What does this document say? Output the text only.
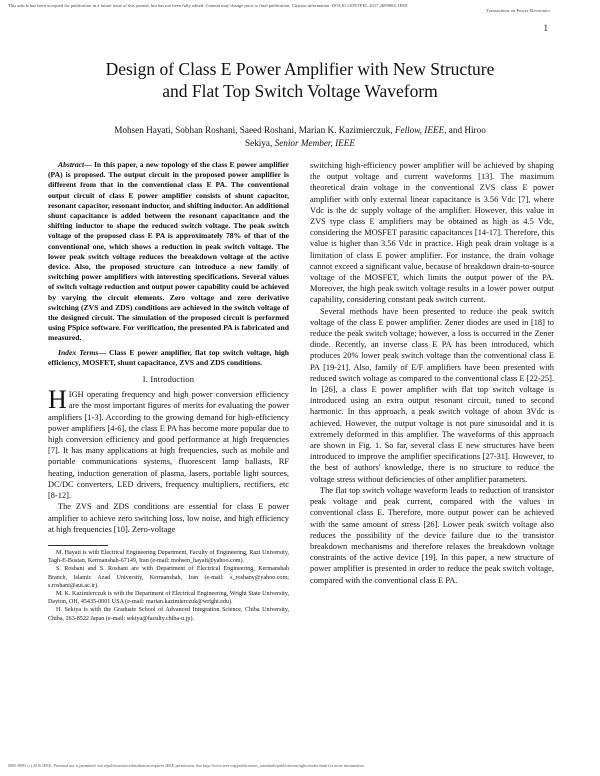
This article has been accepted for publication in a future issue of this journal, but has not been fully edited. Content may change prior to final publication. Citation information: DOI 10.1109/TPEL.2017.2699804, IEEE
Transactions on Power Electronics
1
Design of Class E Power Amplifier with New Structure
and Flat Top Switch Voltage Waveform
Mohsen Hayati, Sobhan Roshani, Saeed Roshani, Marian K. Kazimierczuk, Fellow, IEEE, and Hiroo
Sekiya, Senior Member, IEEE

Abstract— In this paper, a new topology of the class E power amplifier (PA) is proposed. The output circuit in the proposed power amplifier is different from that in the conventional class E PA. The conventional output circuit of class E power amplifier consists of shunt capacitor, resonant capacitor, resonant inductor, and shifting inductor. An additional shunt capacitance is added between the resonant capacitance and the shifting inductor to shape the reduced switch voltage. The peak switch voltage of the proposed class E PA is approximately 78% of that of the conventional one, which shows a reduction in peak switch voltage. The lower peak switch voltage reduces the breakdown voltage of the active device. Also, the proposed structure can introduce a new family of switching power amplifiers with interesting specifications. Several values of switch voltage reduction and output power capability could be achieved by varying the circuit elements. Zero voltage and zero derivative switching (ZVS and ZDS) conditions are achieved in the switch voltage of the designed circuit. The simulation of the proposed circuit is performed using PSpice software. For verification, the presented PA is fabricated and measured.

Index Terms— Class E power amplifier, flat top switch voltage, high efficiency, MOSFET, shunt capacitance, ZVS and ZDS conditions.

I. Introduction

HIGH operating frequency and high power conversion efficiency are the most important figures of merits for evaluating the power amplifiers [1-3]. According to the growing demand for high-efficiency power amplifiers [4-6], the class E PA has become more popular due to high conversion efficiency and good performance at high frequencies [7]. It has many applications at high frequencies, such as mobile and portable communications systems, fluorescent lamp ballasts, RF heating, induction generation of plasma, lasers, portable light sources, DC/DC converters, LED drivers, frequency multipliers, rectifiers, etc [8-12].

The ZVS and ZDS conditions are essential for class E power amplifier to achieve zero switching loss, low noise, and high efficiency at high frequencies [10]. Zero-voltage

M. Hayati is with Electrical Engineering Department, Faculty of Engineering, Razi University, Tagh-E-Bostan, Kermanshah-67149, Iran (e-mail: mohsen_hayati@yahoo.com).

S. Roshani and S. Roshani are with Department of Electrical Engineering, Kermanshah Branch, Islamic Azad University, Kermanshah, Iran (e-mail: s_roshany@yahoo.com; s.roshani@aut.ac.ir).

M. K. Kazimierczuk is with the Department of Electrical Engineering, Wright State University, Dayton, OH, 45435-0001 USA (e-mail: marian.kazimierczuk@wright.edu).

H. Sekiya is with the Graduate School of Advanced Integration Science, Chiba University, Chiba, 263-8522 Japan (e-mail: sekiya@faculty.chiba-u.jp).

switching high-efficiency power amplifier will be achieved by shaping the output voltage and current waveforms [13]. The maximum theoretical drain voltage in the conventional ZVS class E power amplifier with only external linear capacitance is 3.56 Vdc [7], where Vdc is the dc supply voltage of the amplifier. However, this value in ZVS type class E amplifiers may be obtained as high as 4.5 Vdc, considering the MOSFET parasitic capacitances [14-17]. Therefore, this value is higher than 3.56 Vdc in practice. High peak drain voltage is a limitation of class E power amplifier. For instance, the drain voltage cannot exceed a significant value, because of breakdown drain-to-source voltage of the MOSFET, which limits the output power of the PA. Moreover, the high peak switch voltage results in a lower power output capability, considering constant peak switch current.

Several methods have been presented to reduce the peak switch voltage of the class E power amplifier. Zener diodes are used in [18] to reduce the peak switch voltage; however, a loss is occurred in the Zener diode. Recently, an inverse class E PA has been introduced, which produces 20% lower peak switch voltage than the conventional class E PA [19-21]. Also, family of E/F amplifiers have been presented with reduced switch voltage as compared to the conventional class E [22-25]. In [26], a class E power amplifier with flat top switch voltage is introduced using an extra output resonant circuit, tuned to second harmonic. In this approach, a peak switch voltage of about 3Vdc is achieved. However, the output voltage is not pure sinusoidal and it is extremely deformed in this amplifier. The waveforms of this approach are shown in Fig. 1. So far, several class E new structures have been introduced to improve the amplifier specifications [27-31]. However, to the best of authors' knowledge, there is no structure to reduce the voltage stress without deficiencies of other amplifier parameters.

The flat top switch voltage waveform leads to reduction of transistor peak voltage and peak current, compared with the values in conventional class E. Therefore, more output power can be achieved with the same amount of stress [26]. Lower peak switch voltage also reduces the possibility of the device failure due to the transistor breakdown mechanisms and therefore relaxes the breakdown voltage constraints of the active device [19]. In this paper, a new structure of power amplifier is presented in order to reduce the peak switch voltage, compared with the conventional class E PA.

0885-8993 (c) 2016 IEEE. Personal use is permitted, but republication/redistribution requires IEEE permission. See http://www.ieee.org/publications_standards/publications/rights/index.html for more information.
